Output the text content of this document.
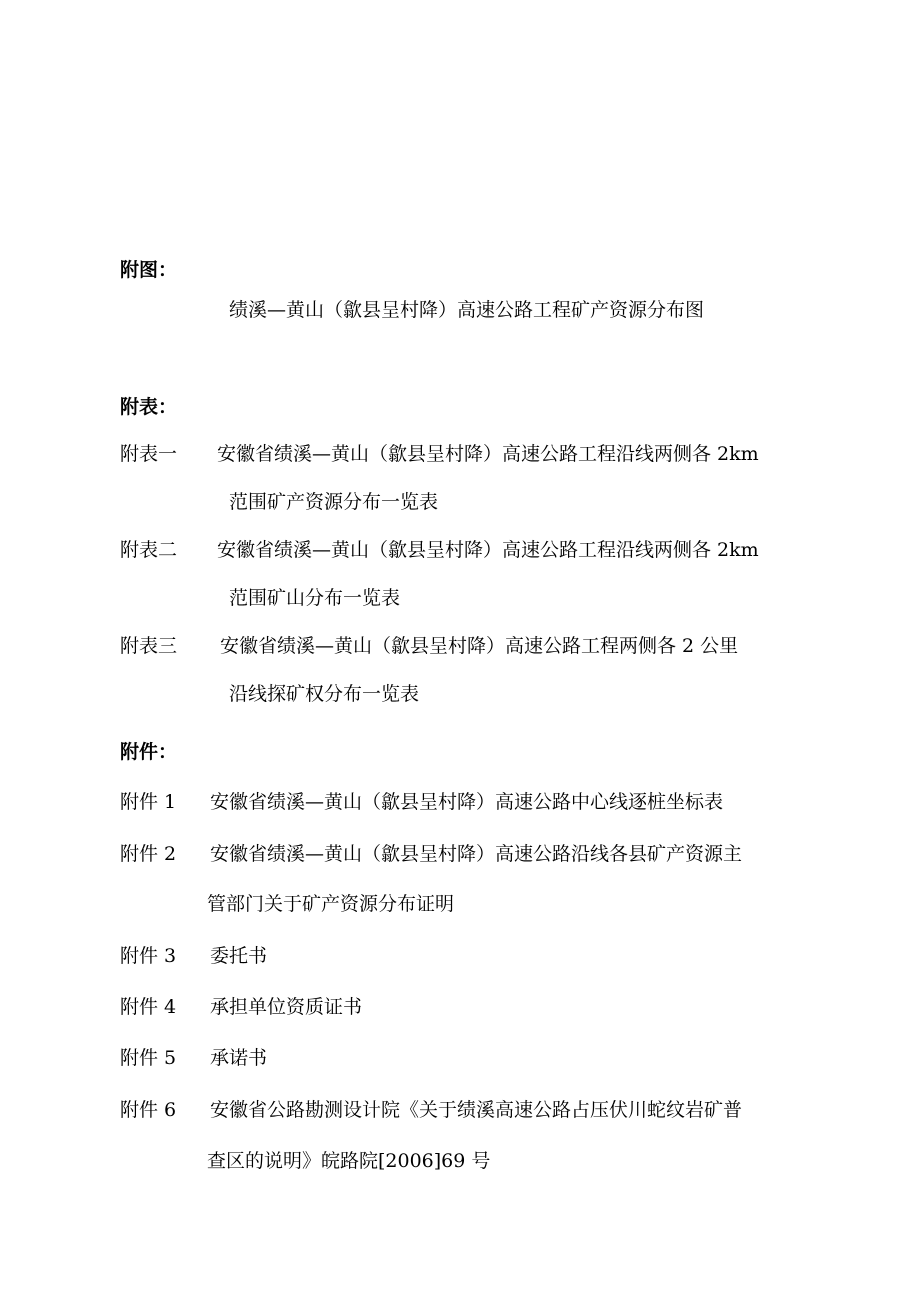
附图：
绩溪—黄山（歙县呈村降）高速公路工程矿产资源分布图
附表：
附表一 安徽省绩溪—黄山（歙县呈村降）高速公路工程沿线两侧各 2km
范围矿产资源分布一览表
附表二 安徽省绩溪—黄山（歙县呈村降）高速公路工程沿线两侧各 2km
范围矿山分布一览表
附表三 安徽省绩溪—黄山（歙县呈村降）高速公路工程两侧各 2 公里
沿线探矿权分布一览表
附件：
附件 1 安徽省绩溪—黄山（歙县呈村降）高速公路中心线逐桩坐标表
附件 2 安徽省绩溪—黄山（歙县呈村降）高速公路沿线各县矿产资源主
管部门关于矿产资源分布证明
附件 3 委托书
附件 4 承担单位资质证书
附件 5 承诺书
附件 6 安徽省公路勘测设计院《关于绩溪高速公路占压伏川蛇纹岩矿普
查区的说明》皖路院[2006]69 号
